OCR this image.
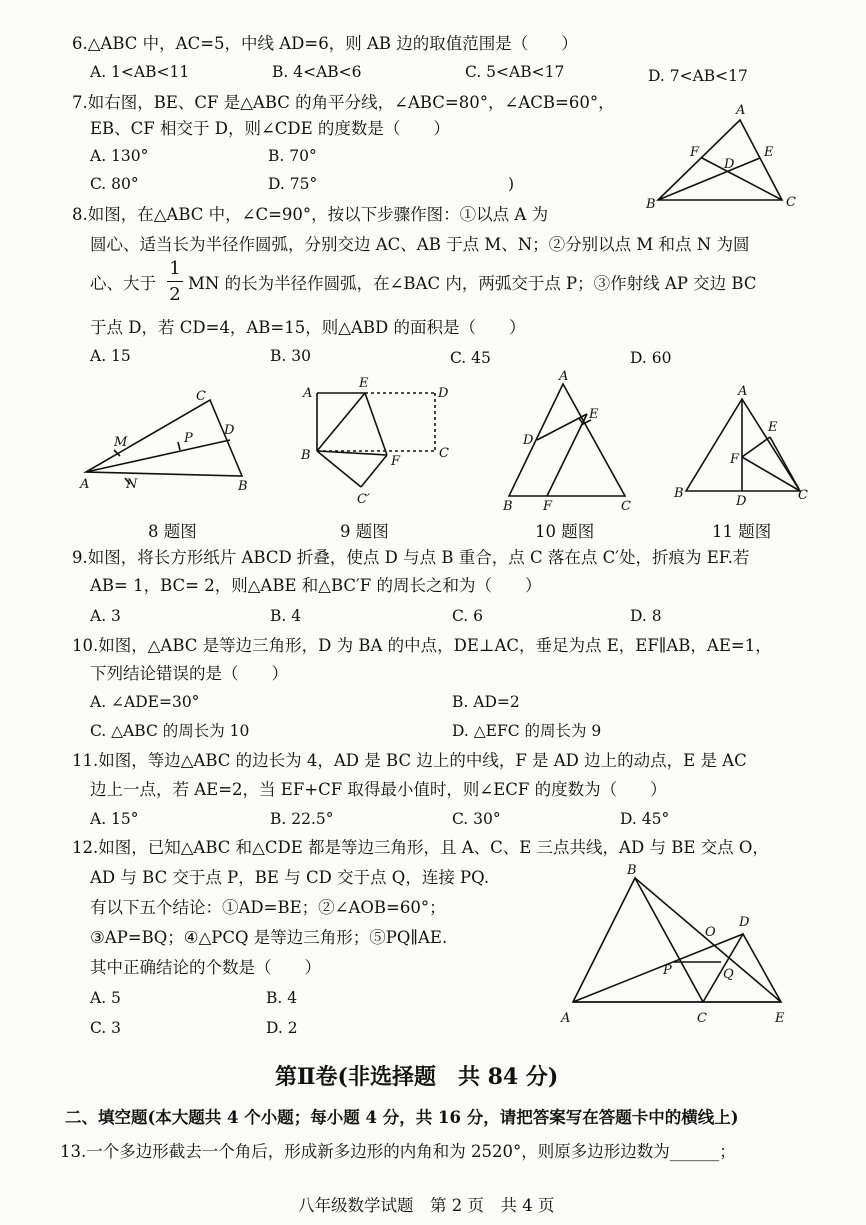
6.△ABC 中，AC=5，中线 AD=6，则 AB 边的取值范围是（　　）
A. 1<AB<11	B. 4<AB<6	C. 5<AB<17	D. 7<AB<17
7.如右图，BE、CF 是△ABC 的角平分线，∠ABC=80°，∠ACB=60°，
EB、CF 相交于 D，则∠CDE 的度数是（　　）
A. 130°	B. 70°
C. 80°	D. 75°	)
A
B	C
D
E
F
8.如图，在△ABC 中，∠C=90°，按以下步骤作图：①以点 A 为
圆心、适当长为半径作圆弧，分别交边 AC、AB 于点 M、N；②分别以点 M 和点 N 为圆
心、大于
1
2
MN 的长为半径作圆弧，在∠BAC 内，两弧交于点 P；③作射线 AP 交边 BC
于点 D，若 CD=4，AB=15，则△ABD 的面积是（　　）
A. 15	B. 30	C. 45	D. 60
A	B
C
D
M
N
P
A
B	C
D
E
F
C′
A
B	C
D
E
F
A
B	C
D
E
F
8 题图	9 题图	10 题图	11 题图
9.如图，将长方形纸片 ABCD 折叠，使点 D 与点 B 重合，点 C 落在点 C′处，折痕为 EF.若
AB= 1，BC= 2，则△ABE 和△BC′F 的周长之和为（　　）
A. 3	B. 4	C. 6	D. 8
10.如图，△ABC 是等边三角形，D 为 BA 的中点，DE⊥AC，垂足为点 E，EF∥AB，AE=1，
下列结论错误的是（　　）
A. ∠ADE=30°	B. AD=2
C. △ABC 的周长为 10	D. △EFC 的周长为 9
11.如图，等边△ABC 的边长为 4，AD 是 BC 边上的中线，F 是 AD 边上的动点，E 是 AC
边上一点，若 AE=2，当 EF+CF 取得最小值时，则∠ECF 的度数为（　　）
A. 15°	B. 22.5°	C. 30°	D. 45°
12.如图，已知△ABC 和△CDE 都是等边三角形，且 A、C、E 三点共线，AD 与 BE 交点 O，
AD 与 BC 交于点 P，BE 与 CD 交于点 Q，连接 PQ.
有以下五个结论：①AD=BE；②∠AOB=60°；
③AP=BQ；④△PCQ 是等边三角形；⑤PQ∥AE.
其中正确结论的个数是（　　）
A. 5	B. 4
C. 3	D. 2
A
B
C
D
E
O
P	Q
第Ⅱ卷(非选择题　共 84 分)
二、填空题(本大题共 4 个小题；每小题 4 分，共 16 分，请把答案写在答题卡中的横线上)
13.一个多边形截去一个角后，形成新多边形的内角和为 2520°，则原多边形边数为______；
八年级数学试题　第 2 页　共 4 页
